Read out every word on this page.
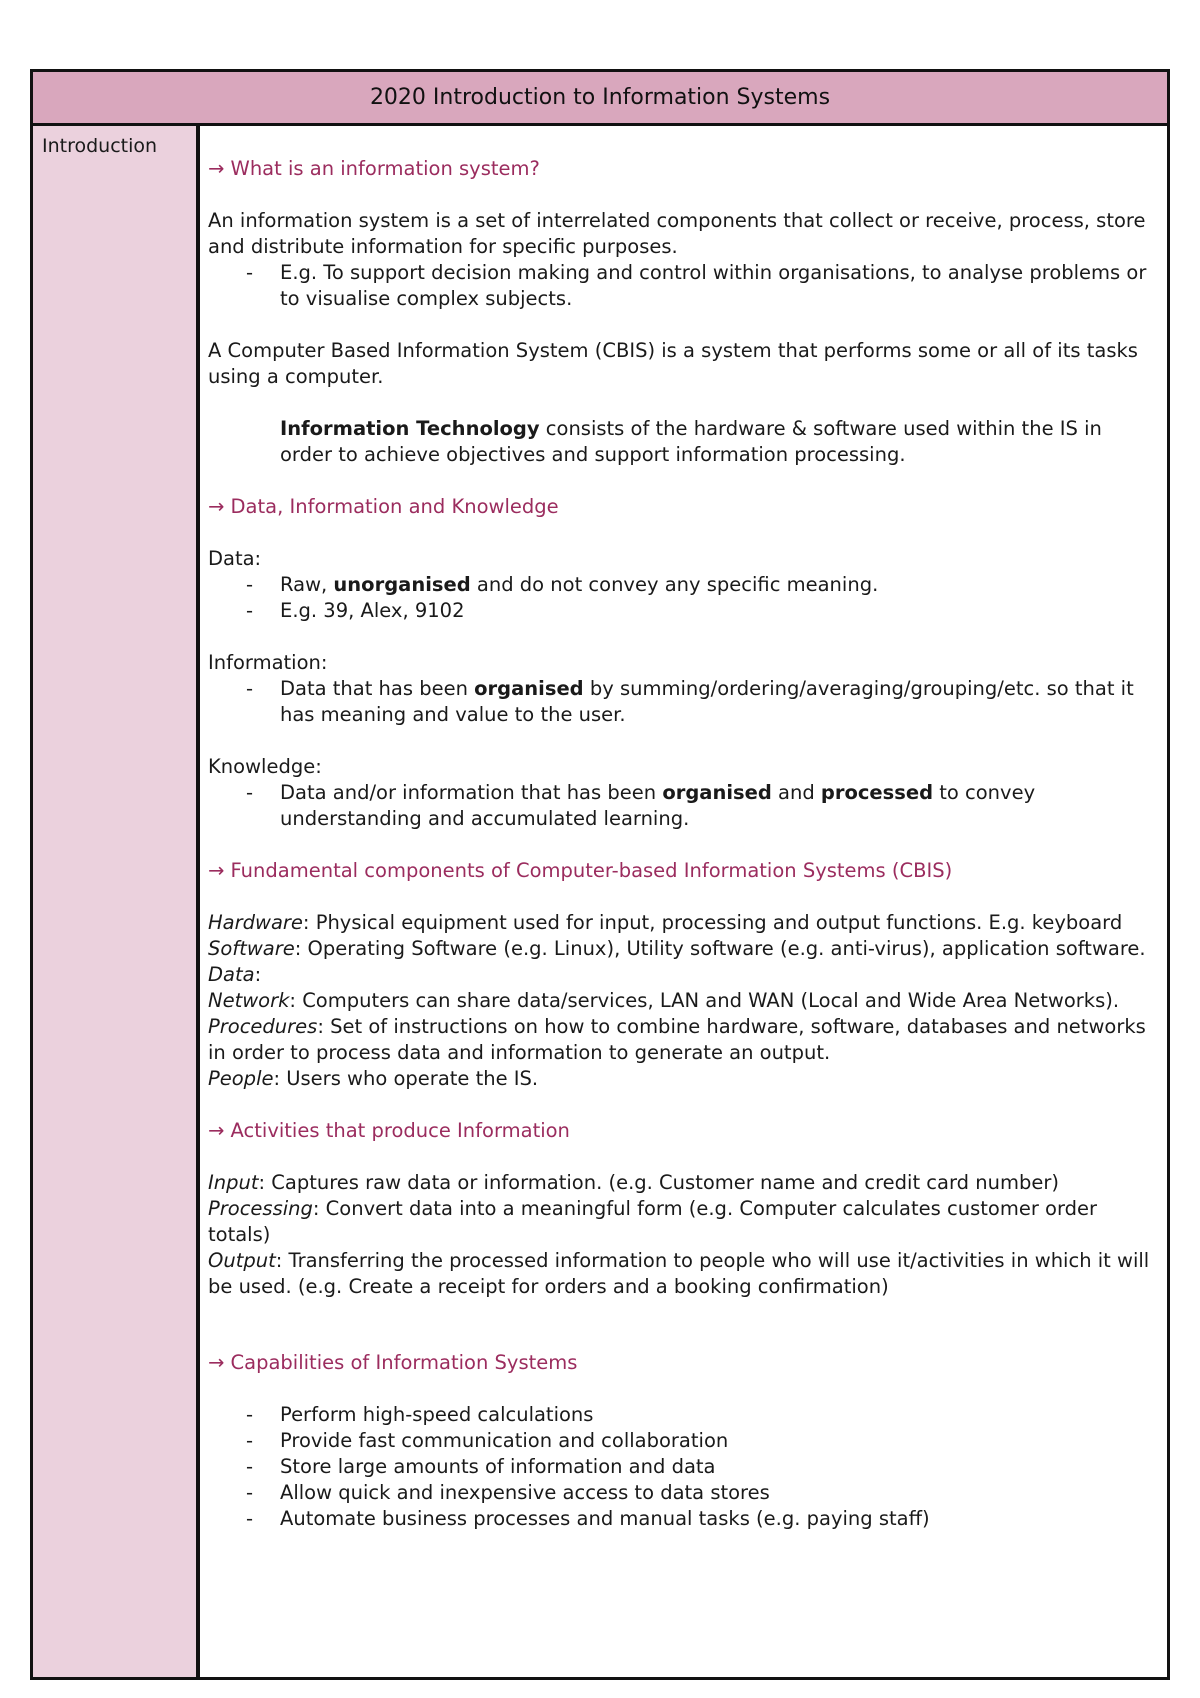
2020 Introduction to Information Systems
Introduction
→ What is an information system?
An information system is a set of interrelated components that collect or receive, process, store and distribute information for specific purposes.
-	E.g. To support decision making and control within organisations, to analyse problems or to visualise complex subjects.
A Computer Based Information System (CBIS) is a system that performs some or all of its tasks using a computer.
Information Technology consists of the hardware & software used within the IS in order to achieve objectives and support information processing.
→ Data, Information and Knowledge
Data:
-	Raw, unorganised and do not convey any specific meaning.
-	E.g. 39, Alex, 9102
Information:
-	Data that has been organised by summing/ordering/averaging/grouping/etc. so that it has meaning and value to the user.
Knowledge:
-	Data and/or information that has been organised and processed to convey understanding and accumulated learning.
→ Fundamental components of Computer-based Information Systems (CBIS)
Hardware: Physical equipment used for input, processing and output functions. E.g. keyboard
Software: Operating Software (e.g. Linux), Utility software (e.g. anti-virus), application software.
Data:
Network: Computers can share data/services, LAN and WAN (Local and Wide Area Networks).
Procedures: Set of instructions on how to combine hardware, software, databases and networks in order to process data and information to generate an output.
People: Users who operate the IS.
→ Activities that produce Information
Input: Captures raw data or information. (e.g. Customer name and credit card number)
Processing: Convert data into a meaningful form (e.g. Computer calculates customer order totals)
Output: Transferring the processed information to people who will use it/activities in which it will be used. (e.g. Create a receipt for orders and a booking confirmation)
→ Capabilities of Information Systems
-	Perform high-speed calculations
-	Provide fast communication and collaboration
-	Store large amounts of information and data
-	Allow quick and inexpensive access to data stores
-	Automate business processes and manual tasks (e.g. paying staff)
